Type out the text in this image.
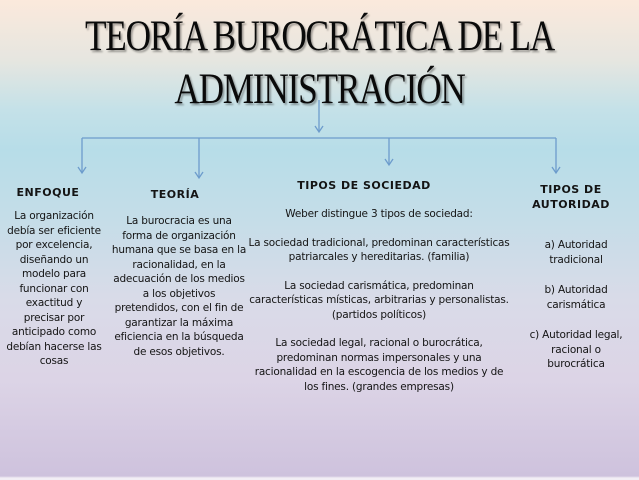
TEORÍA BUROCRÁTICA DE LA
ADMINISTRACIÓN
ENFOQUE
La organización debía ser eficiente por excelencia, diseñando un modelo para funcionar con exactitud y precisar por anticipado como debían hacerse las cosas
TEORÍA
La burocracia es una forma de organización humana que se basa en la racionalidad, en la adecuación de los medios a los objetivos pretendidos, con el fin de garantizar la máxima eficiencia en la búsqueda de esos objetivos.
TIPOS DE SOCIEDAD

Weber distingue 3 tipos de sociedad:

La sociedad tradicional, predominan características patriarcales y hereditarias. (familia)

La sociedad carismática, predominan características místicas, arbitrarias y personalistas. (partidos políticos)

La sociedad legal, racional o burocrática, predominan normas impersonales y una racionalidad en la escogencia de los medios y de los fines. (grandes empresas)

TIPOS DE AUTORIDAD

a) Autoridad tradicional

b) Autoridad carismática

c) Autoridad legal, racional o burocrática
